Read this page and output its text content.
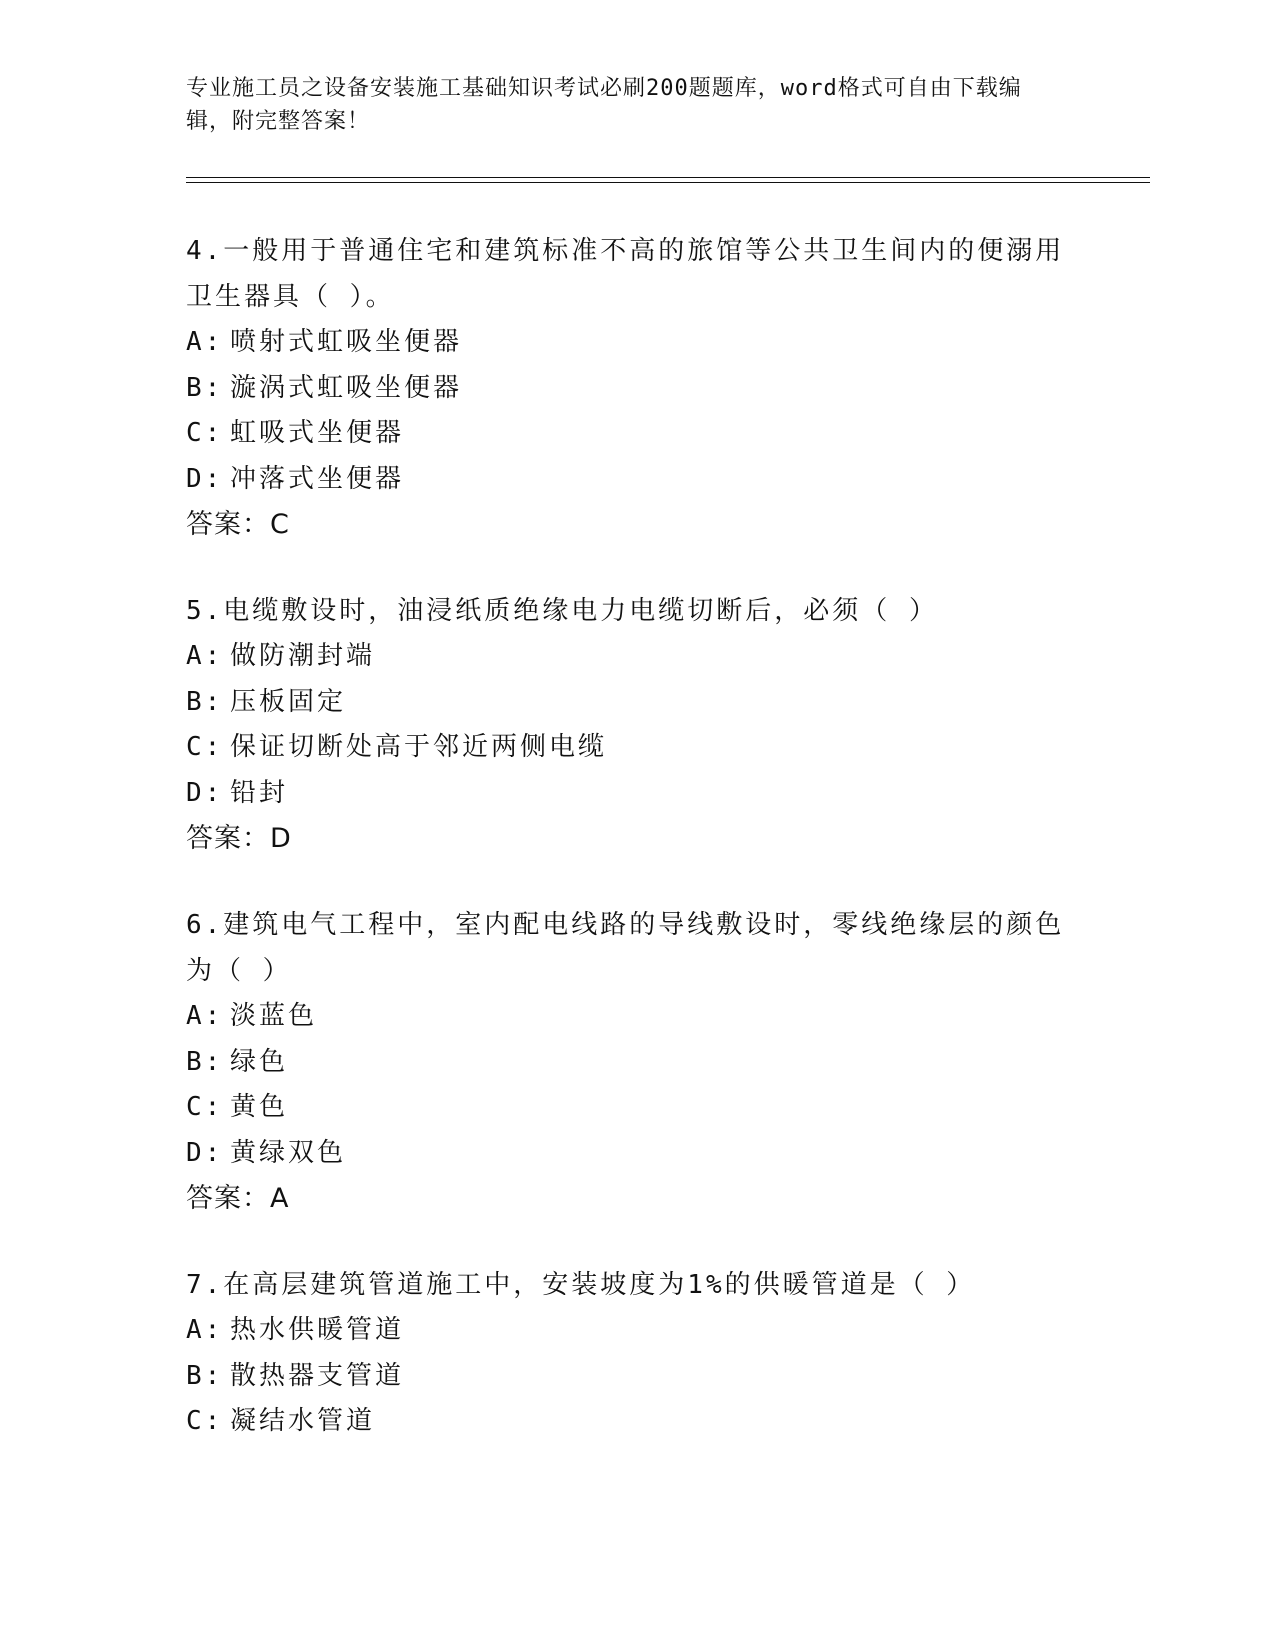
专业施工员之设备安装施工基础知识考试必刷200题题库，word格式可自由下载编辑，附完整答案！
4.一般用于普通住宅和建筑标准不高的旅馆等公共卫生间内的便溺用卫生器具（ ）。
A: 喷射式虹吸坐便器
B: 漩涡式虹吸坐便器
C: 虹吸式坐便器
D: 冲落式坐便器
答案：C
5.电缆敷设时，油浸纸质绝缘电力电缆切断后，必须（ ）
A: 做防潮封端
B: 压板固定
C: 保证切断处高于邻近两侧电缆
D: 铅封
答案：D
6.建筑电气工程中，室内配电线路的导线敷设时，零线绝缘层的颜色为（ ）
A: 淡蓝色
B: 绿色
C: 黄色
D: 黄绿双色
答案：A
7.在高层建筑管道施工中，安装坡度为1%的供暖管道是（ ）
A: 热水供暖管道
B: 散热器支管道
C: 凝结水管道
